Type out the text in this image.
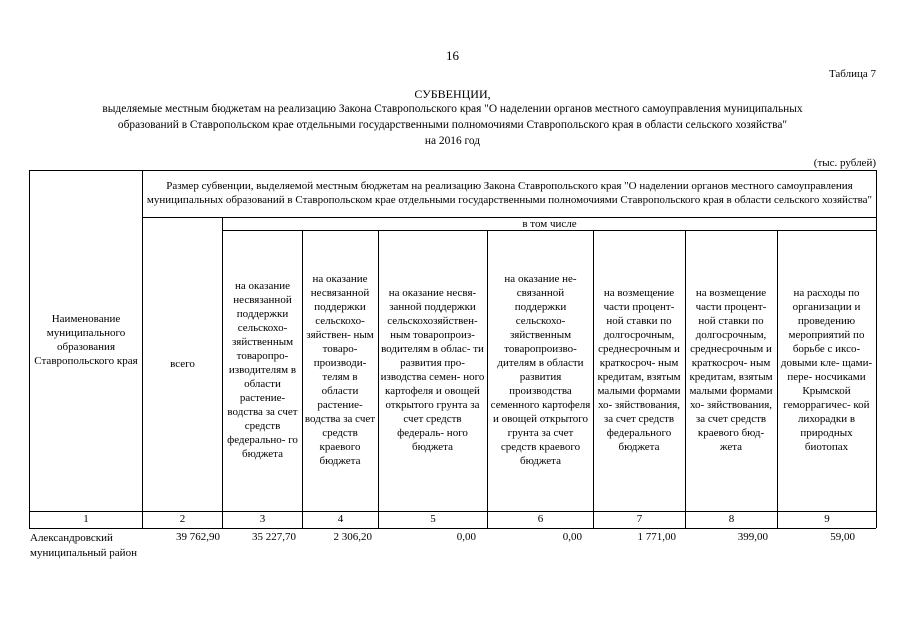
16
Таблица 7
СУБВЕНЦИИ,
выделяемые местным бюджетам на реализацию Закона Ставропольского края "О наделении органов местного самоуправления муниципальных
образований в Ставропольском крае отдельными государственными полномочиями Ставропольского края в области сельского хозяйства"
на 2016 год
(тыс. рублей)
Наименование муниципального образования Ставропольского края
Размер субвенции, выделяемой местным бюджетам на реализацию Закона Ставропольского края "О наделении органов местного самоуправления муниципальных образований в Ставропольском крае отдельными государственными полномочиями Ставропольского края в области сельского хозяйства"
всего
в том числе
на оказание несвязанной поддержки сельскохо- зяйственным товаропро- изводителям в области растение- водства за счет средств федерально- го бюджета
на оказание несвязанной поддержки сельскохо- зяйствен- ным товаро- производи- телям в области растение- водства за счет средств краевого бюджета
на оказание несвя- занной поддержки сельскохозяйствен- ным товаропроиз- водителям в облас- ти развития про- изводства семен- ного картофеля и овощей открытого грунта за счет средств федераль- ного бюджета
на оказание не- связанной поддержки сельскохо- зяйственным товаропроизво- дителям в области развития производства семенного картофеля и овощей открытого грунта за счет средств краевого бюджета
на возмещение части процент- ной ставки по долгосрочным, среднесрочным и краткосроч- ным кредитам, взятым малыми формами хо- зяйствования, за счет средств федерального бюджета
на возмещение части процент- ной ставки по долгосрочным, среднесрочным и краткосроч- ным кредитам, взятым малыми формами хо- зяйствования, за счет средств краевого бюд- жета
на расходы по организации и проведению мероприятий по борьбе с иксо- довыми кле- щами-пере- носчиками Крымской геморрагичес- кой лихорадки в природных биотопах
1	2	3	4	5	6	7	8	9
Александровский муниципальный район
39 762,90	35 227,70	2 306,20	0,00	0,00	1 771,00	399,00	59,00
